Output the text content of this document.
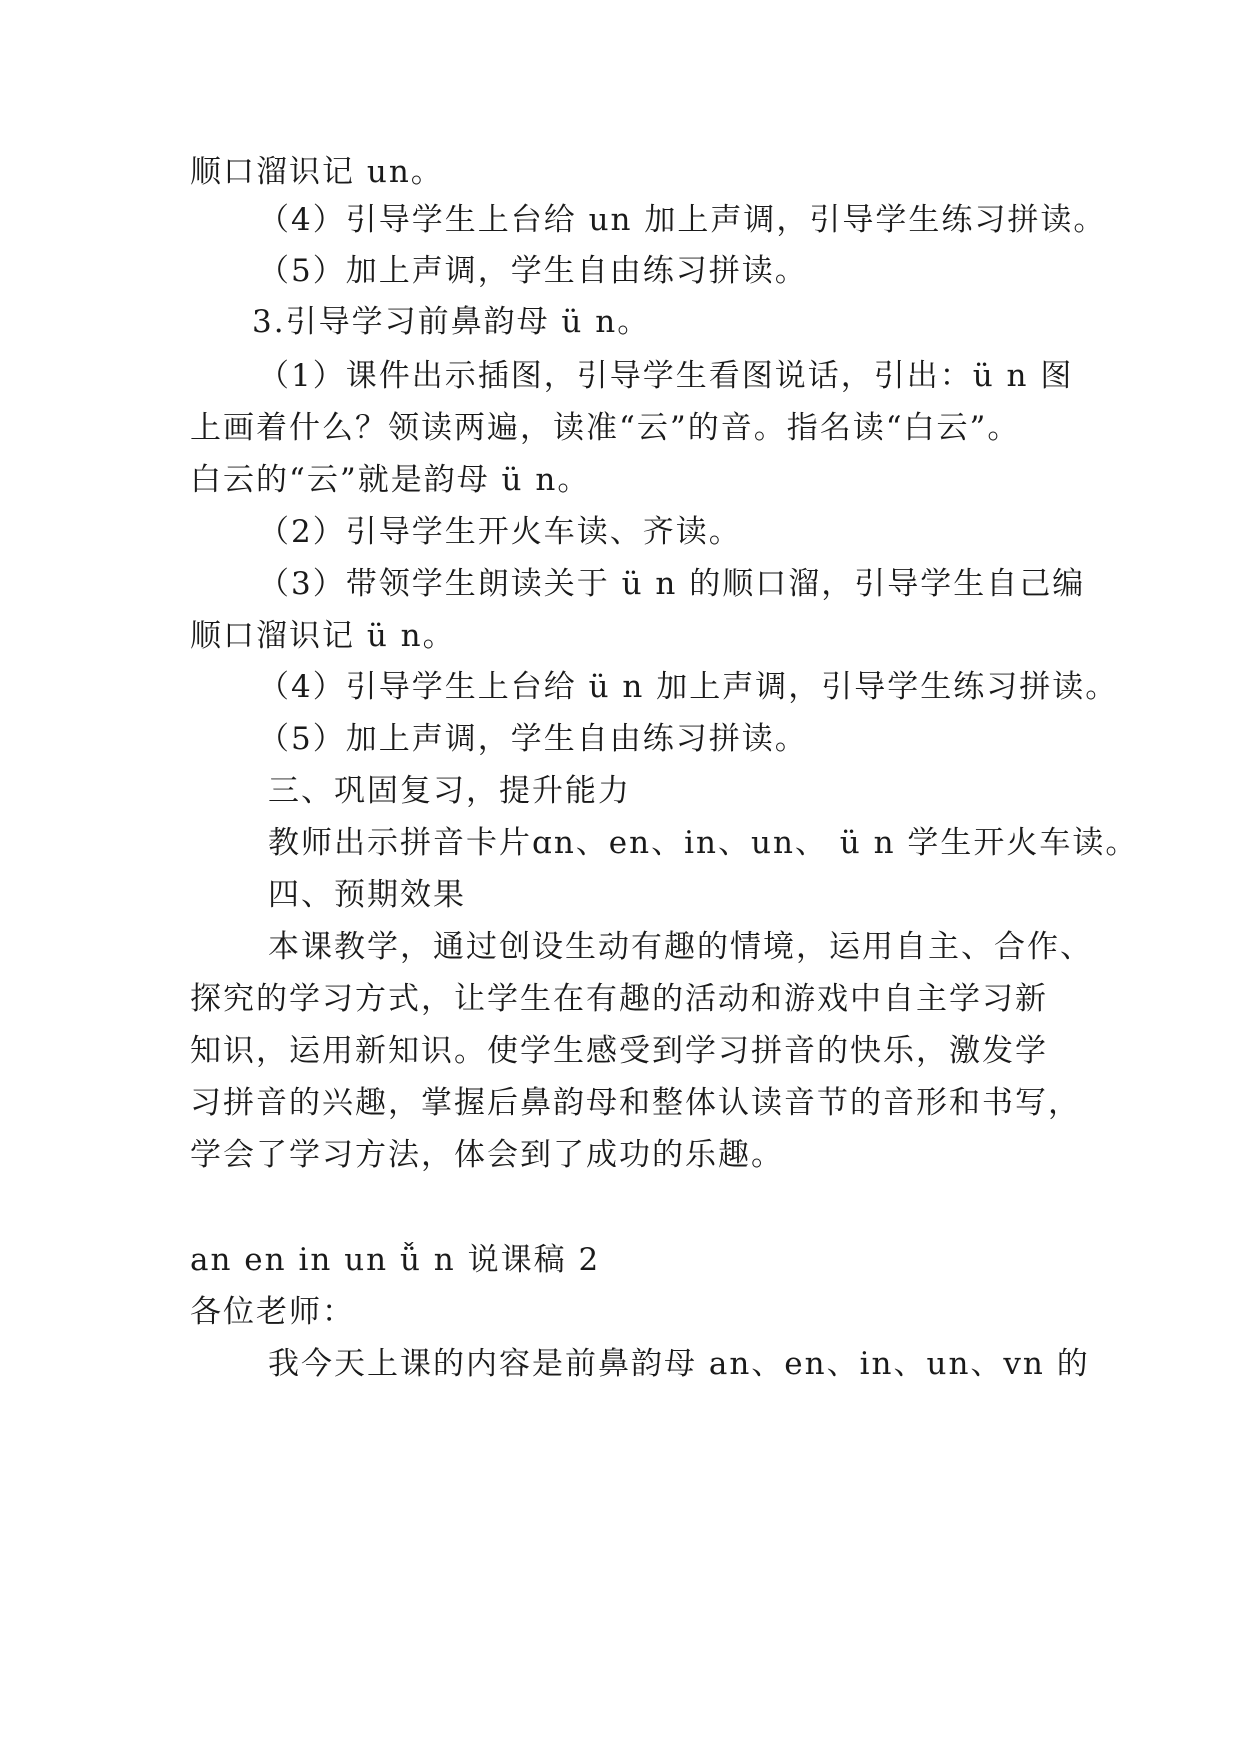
顺口溜识记 un。
（4）引导学生上台给 un 加上声调，引导学生练习拼读。
（5）加上声调，学生自由练习拼读。
3.引导学习前鼻韵母 ü n。
（1）课件出示插图，引导学生看图说话，引出：ü n 图
上画着什么？领读两遍，读准“云”的音。指名读“白云”。
白云的“云”就是韵母 ü n。
（2）引导学生开火车读、齐读。
（3）带领学生朗读关于 ü n 的顺口溜，引导学生自己编
顺口溜识记 ü n。
（4）引导学生上台给 ü n 加上声调，引导学生练习拼读。
（5）加上声调，学生自由练习拼读。
三、巩固复习，提升能力
教师出示拼音卡片ɑn、en、in、un、 ü n 学生开火车读。
四、预期效果
本课教学，通过创设生动有趣的情境，运用自主、合作、
探究的学习方式，让学生在有趣的活动和游戏中自主学习新
知识，运用新知识。使学生感受到学习拼音的快乐，激发学
习拼音的兴趣，掌握后鼻韵母和整体认读音节的音形和书写，
学会了学习方法，体会到了成功的乐趣。
an en in un ǚ n 说课稿 2
各位老师：
我今天上课的内容是前鼻韵母 an、en、in、un、vn 的
